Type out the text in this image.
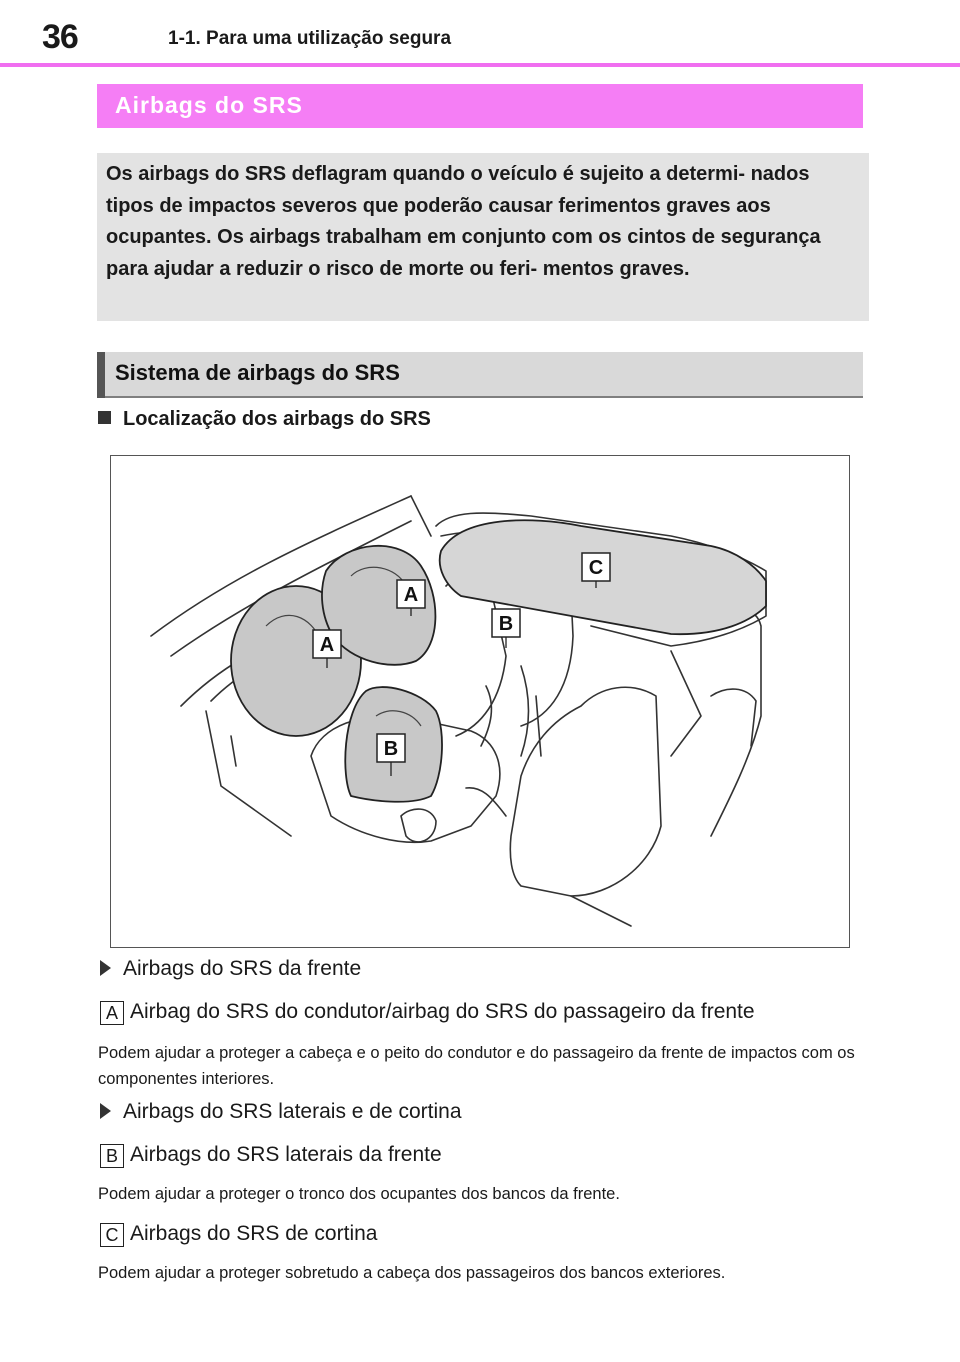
36	1-1. Para uma utilização segura
Airbags do SRS

Os airbags do SRS deflagram quando o veículo é sujeito a determi- nados tipos de impactos severos que poderão causar ferimentos graves aos ocupantes. Os airbags trabalham em conjunto com os cintos de segurança para ajudar a reduzir o risco de morte ou feri- mentos graves.

Sistema de airbags do SRS
Localização dos airbags do SRS
A
A
B
B
C
Airbags do SRS da frente
A Airbag do SRS do condutor/airbag do SRS do passageiro da frente

Podem ajudar a proteger a cabeça e o peito do condutor e do passageiro da frente de impactos com os componentes interiores.

Airbags do SRS laterais e de cortina
B Airbags do SRS laterais da frente

Podem ajudar a proteger o tronco dos ocupantes dos bancos da frente.

C Airbags do SRS de cortina

Podem ajudar a proteger sobretudo a cabeça dos passageiros dos bancos exteriores.
